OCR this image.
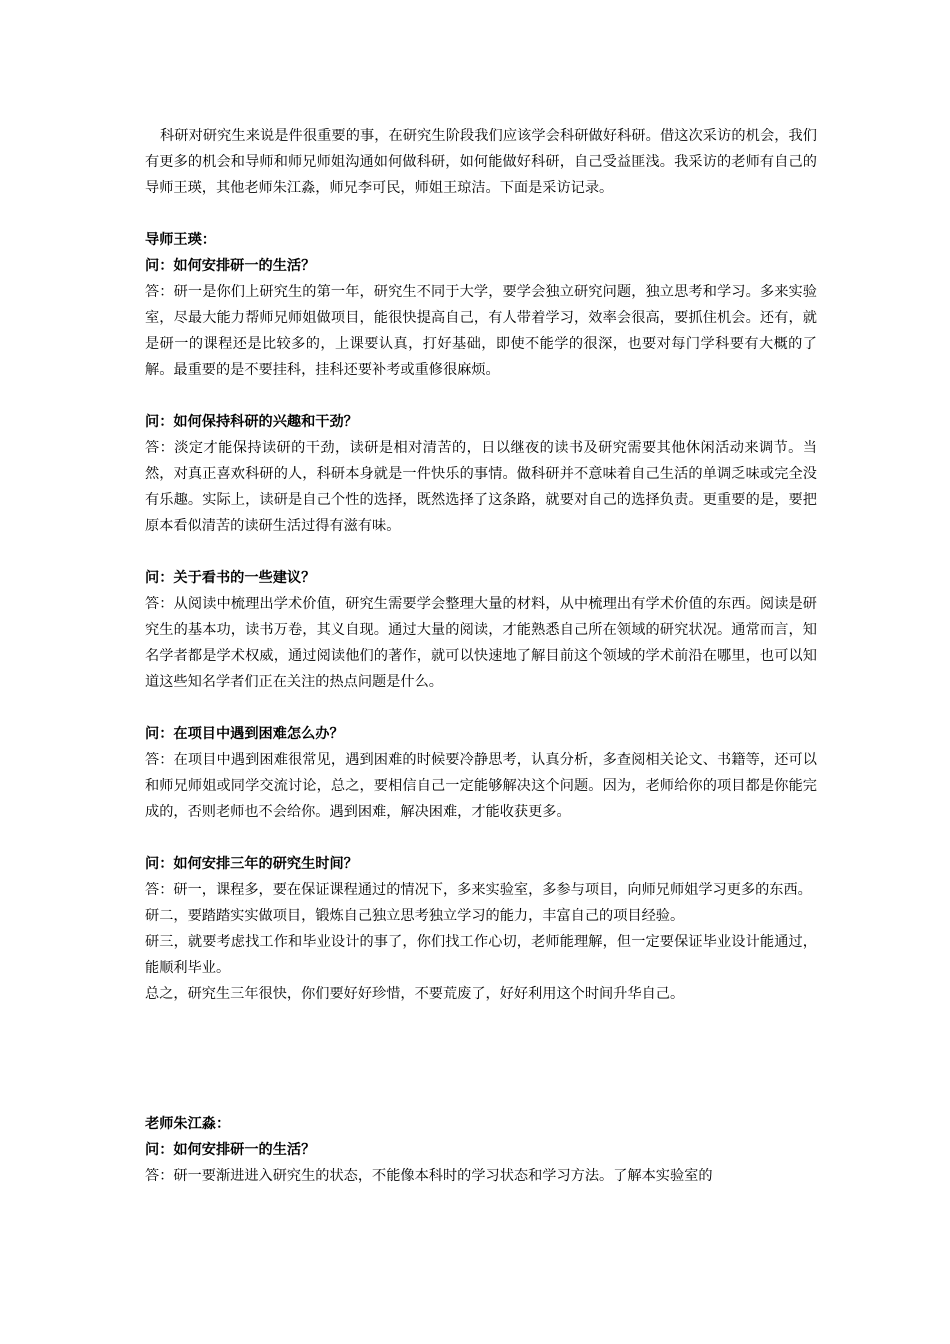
科研对研究生来说是件很重要的事，在研究生阶段我们应该学会科研做好科研。借这次采访的机会，我们有更多的机会和导师和师兄师姐沟通如何做科研，如何能做好科研，自己受益匪浅。我采访的老师有自己的导师王瑛，其他老师朱江淼，师兄李可民，师姐王琼洁。下面是采访记录。

导师王瑛：

问：如何安排研一的生活？

答：研一是你们上研究生的第一年，研究生不同于大学，要学会独立研究问题，独立思考和学习。多来实验室，尽最大能力帮师兄师姐做项目，能很快提高自己，有人带着学习，效率会很高，要抓住机会。还有，就是研一的课程还是比较多的，上课要认真，打好基础，即使不能学的很深，也要对每门学科要有大概的了解。最重要的是不要挂科，挂科还要补考或重修很麻烦。

问：如何保持科研的兴趣和干劲？

答：淡定才能保持读研的干劲，读研是相对清苦的，日以继夜的读书及研究需要其他休闲活动来调节。当然，对真正喜欢科研的人，科研本身就是一件快乐的事情。做科研并不意味着自己生活的单调乏味或完全没有乐趣。实际上，读研是自己个性的选择，既然选择了这条路，就要对自己的选择负责。更重要的是，要把原本看似清苦的读研生活过得有滋有味。

问：关于看书的一些建议？

答：从阅读中梳理出学术价值，研究生需要学会整理大量的材料，从中梳理出有学术价值的东西。阅读是研究生的基本功，读书万卷，其义自现。通过大量的阅读，才能熟悉自己所在领域的研究状况。通常而言，知名学者都是学术权威，通过阅读他们的著作，就可以快速地了解目前这个领域的学术前沿在哪里，也可以知道这些知名学者们正在关注的热点问题是什么。

问：在项目中遇到困难怎么办？

答：在项目中遇到困难很常见，遇到困难的时候要冷静思考，认真分析，多查阅相关论文、书籍等，还可以和师兄师姐或同学交流讨论，总之，要相信自己一定能够解决这个问题。因为，老师给你的项目都是你能完成的，否则老师也不会给你。遇到困难，解决困难，才能收获更多。

问：如何安排三年的研究生时间？

答：研一，课程多，要在保证课程通过的情况下，多来实验室，多参与项目，向师兄师姐学习更多的东西。

研二，要踏踏实实做项目，锻炼自己独立思考独立学习的能力，丰富自己的项目经验。

研三，就要考虑找工作和毕业设计的事了，你们找工作心切，老师能理解，但一定要保证毕业设计能通过，能顺利毕业。

总之，研究生三年很快，你们要好好珍惜，不要荒废了，好好利用这个时间升华自己。

老师朱江淼：

问：如何安排研一的生活？

答：研一要渐进进入研究生的状态，不能像本科时的学习状态和学习方法。了解本实验室的
